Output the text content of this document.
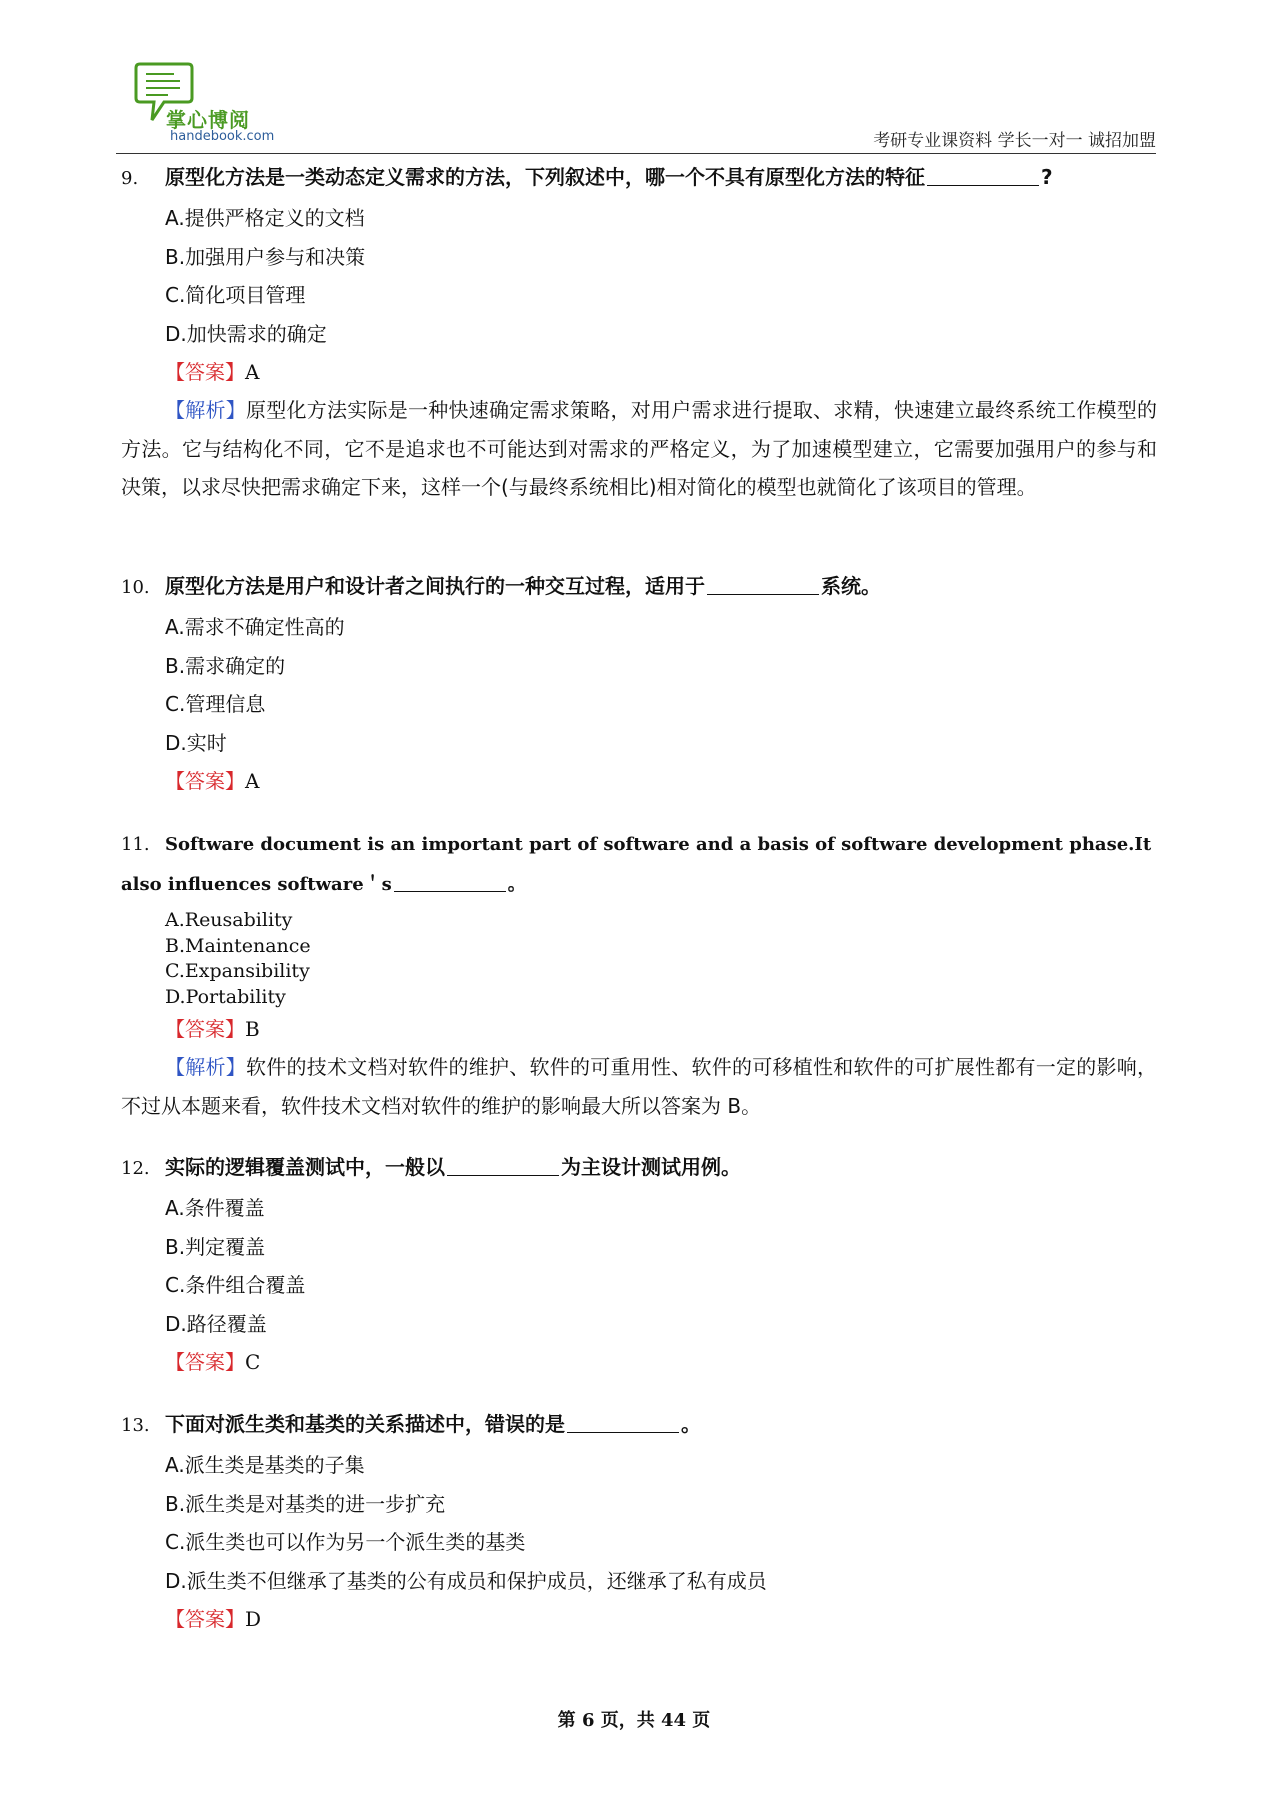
掌心博阅
handebook.com	考研专业课资料 学长一对一 诚招加盟
9. 原型化方法是一类动态定义需求的方法，下列叙述中，哪一个不具有原型化方法的特征	?
A.提供严格定义的文档
B.加强用户参与和决策
C.简化项目管理
D.加快需求的确定
【答案】A

【解析】原型化方法实际是一种快速确定需求策略，对用户需求进行提取、求精，快速建立最终系统工作模型的方法。它与结构化不同，它不是追求也不可能达到对需求的严格定义，为了加速模型建立，它需要加强用户的参与和决策，以求尽快把需求确定下来，这样一个(与最终系统相比)相对简化的模型也就简化了该项目的管理。

10. 原型化方法是用户和设计者之间执行的一种交互过程，适用于	系统。
A.需求不确定性高的
B.需求确定的
C.管理信息
D.实时
【答案】A
11. Software document is an important part of software and a basis of software development phase.It also influences software＇s	。
A.Reusability
B.Maintenance
C.Expansibility
D.Portability
【答案】B

【解析】软件的技术文档对软件的维护、软件的可重用性、软件的可移植性和软件的可扩展性都有一定的影响，不过从本题来看，软件技术文档对软件的维护的影响最大所以答案为 B。

12. 实际的逻辑覆盖测试中，一般以	为主设计测试用例。
A.条件覆盖
B.判定覆盖
C.条件组合覆盖
D.路径覆盖
【答案】C
13. 下面对派生类和基类的关系描述中，错误的是	。
A.派生类是基类的子集
B.派生类是对基类的进一步扩充
C.派生类也可以作为另一个派生类的基类
D.派生类不但继承了基类的公有成员和保护成员，还继承了私有成员
【答案】D
第 6 页，共 44 页
